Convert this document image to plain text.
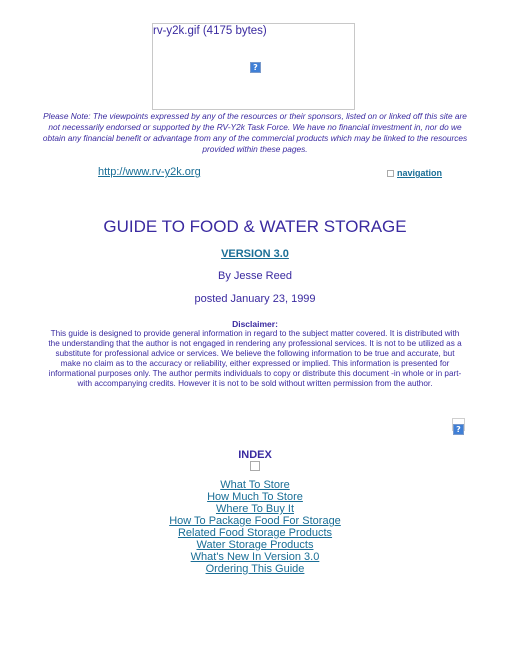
rv-y2k.gif (4175 bytes)
?
Please Note: The viewpoints expressed by any of the resources or their sponsors, listed on or linked off this site are not necessarily endorsed or supported by the RV-Y2k Task Force. We have no financial investment in, nor do we obtain any financial benefit or advantage from any of the commercial products which may be linked to the resources provided within these pages.
http://www.rv-y2k.org	navigation
GUIDE TO FOOD & WATER STORAGE
VERSION 3.0
By Jesse Reed
posted January 23, 1999
Disclaimer:
This guide is designed to provide general information in regard to the subject matter covered. It is distributed with the understanding that the author is not engaged in rendering any professional services. It is not to be utilized as a substitute for professional advice or services. We believe the following information to be true and accurate, but make no claim as to the accuracy or reliability, either expressed or implied. This information is presented for informational purposes only. The author permits individuals to copy or distribute this document -in whole or in part- with accompanying credits. However it is not to be sold without written permission from the author.
?
INDEX
What To Store
How Much To Store
Where To Buy It
How To Package Food For Storage
Related Food Storage Products
Water Storage Products
What's New In Version 3.0
Ordering This Guide
